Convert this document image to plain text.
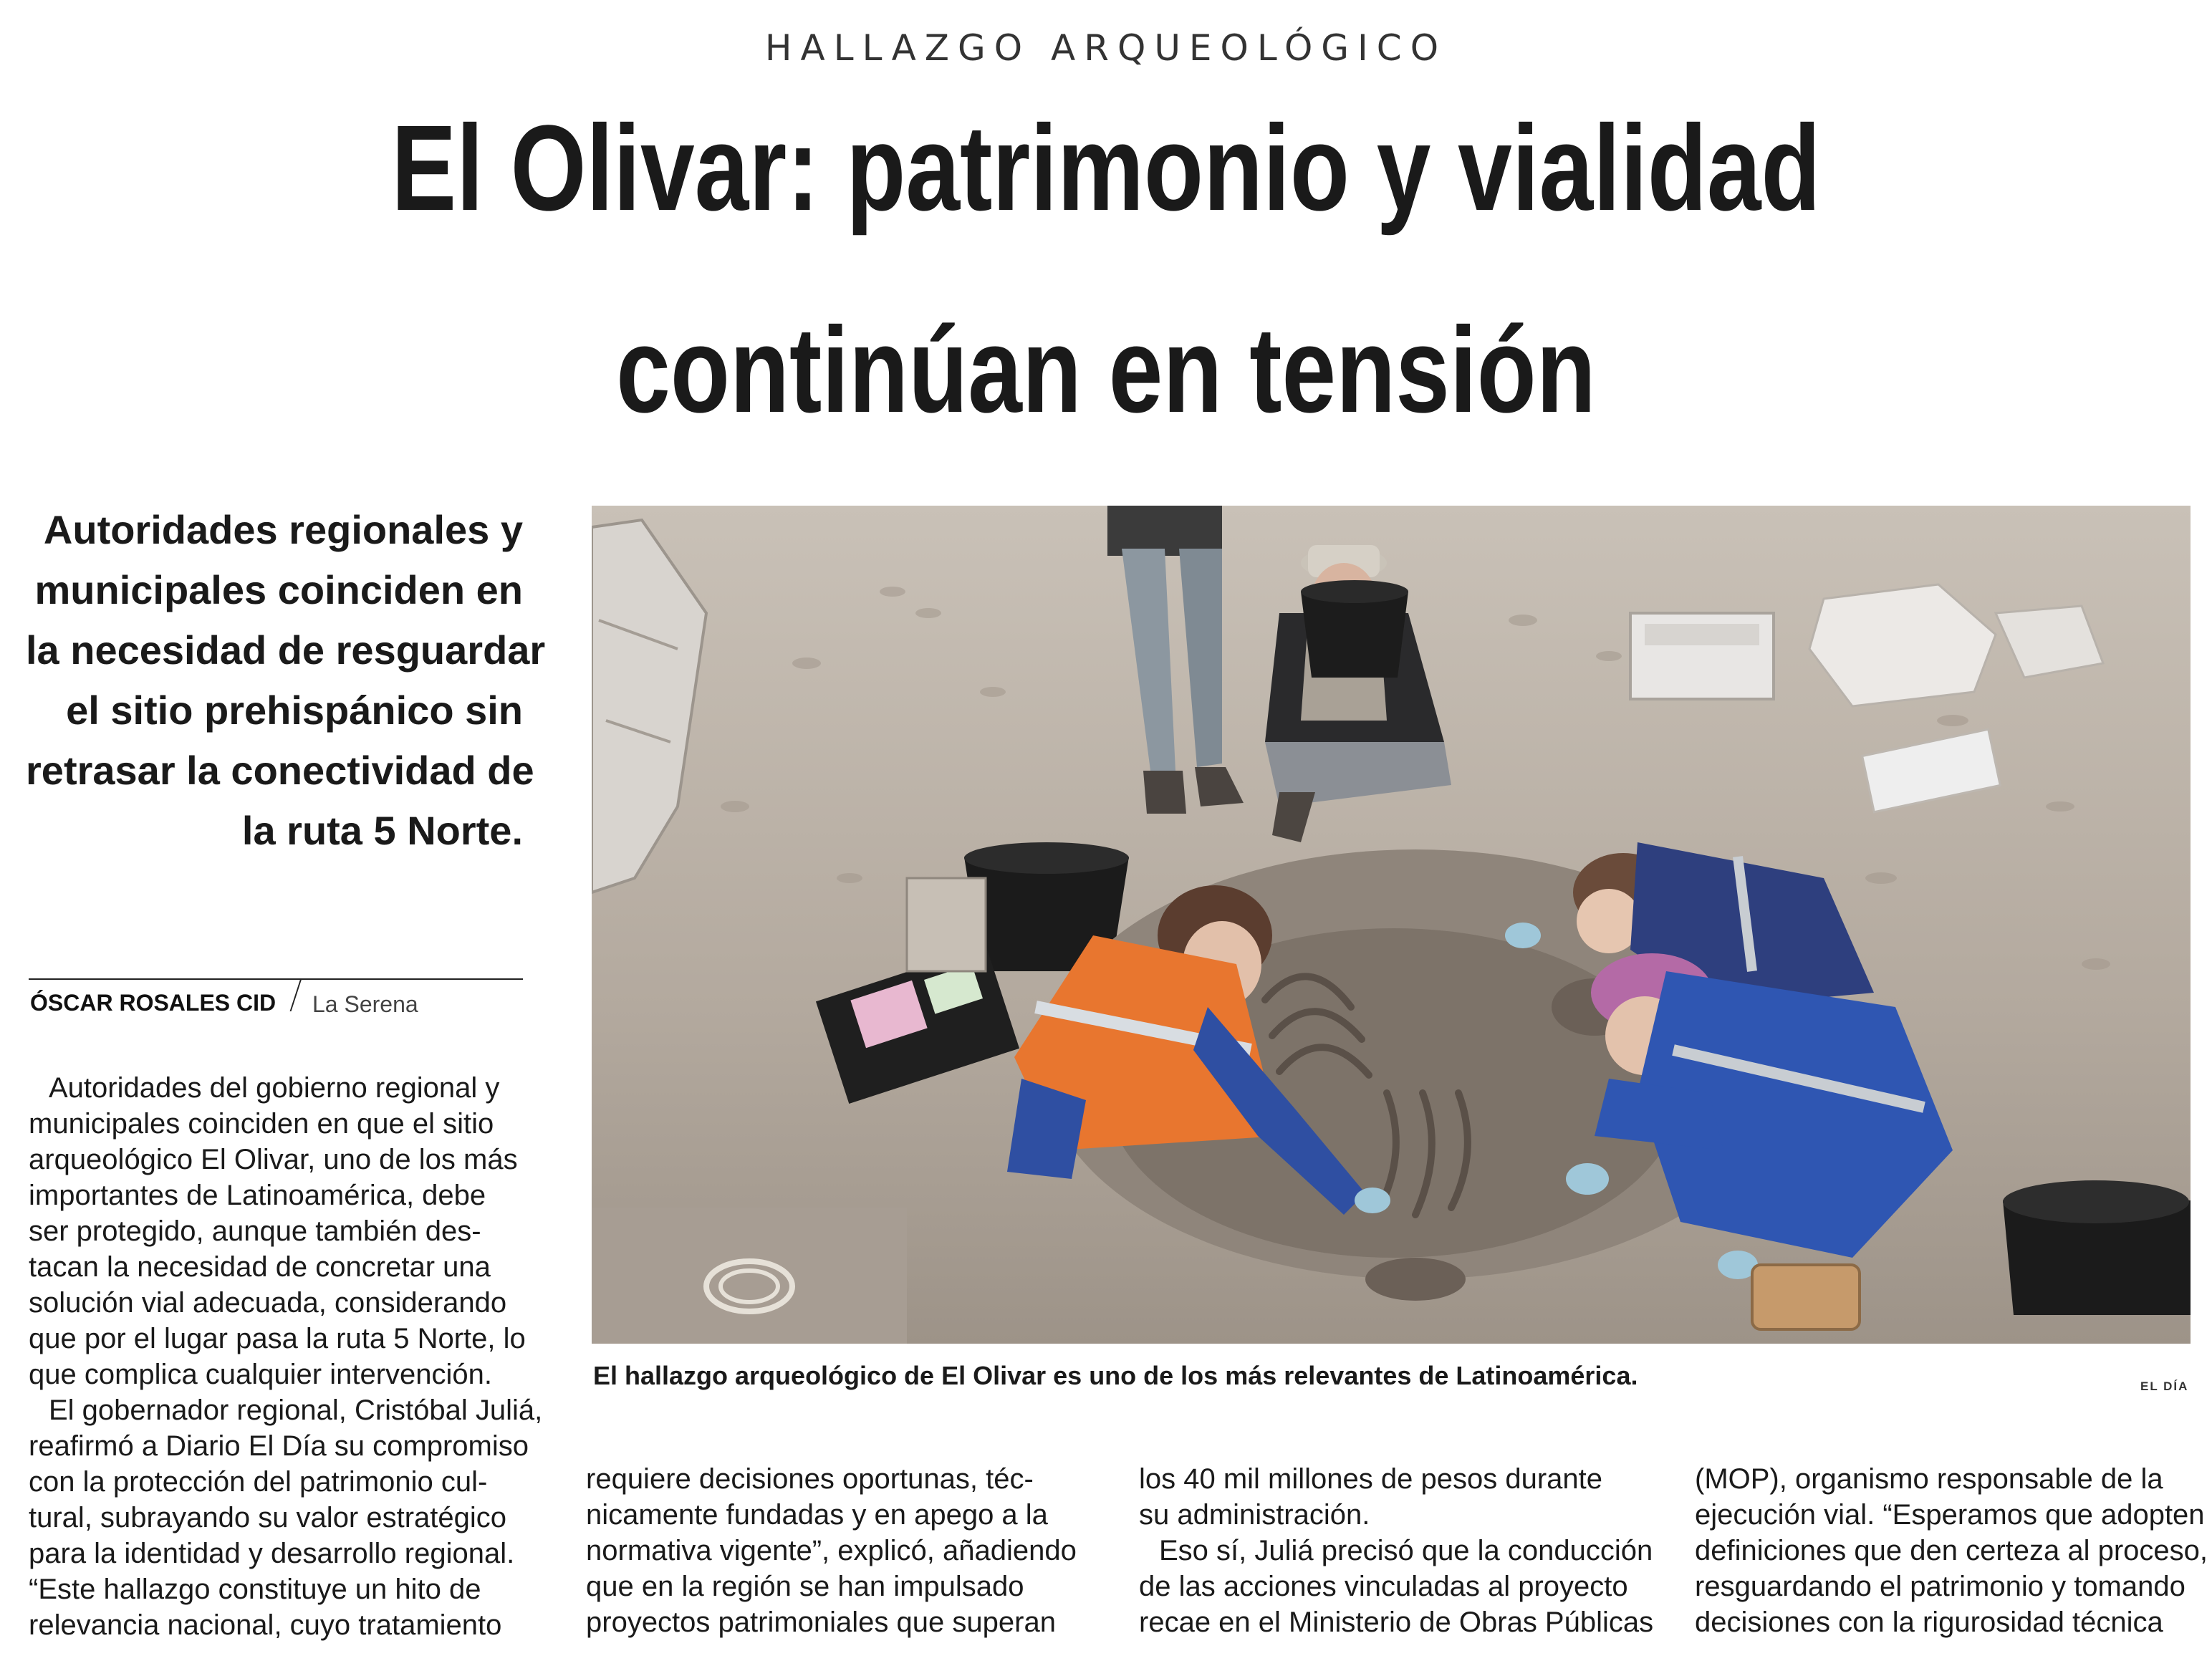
HALLAZGO ARQUEOLÓGICO
El Olivar: patrimonio y vialidad
continúan en tensión
Autoridades regionales y
municipales coinciden en
la necesidad de resguardar
el sitio prehispánico sin
retrasar la conectividad de
la ruta 5 Norte.
ÓSCAR ROSALES CID La Serena
Autoridades del gobierno regional y
municipales coinciden en que el sitio
arqueológico El Olivar, uno de los más
importantes de Latinoamérica, debe
ser protegido, aunque también des-
tacan la necesidad de concretar una
solución vial adecuada, considerando
que por el lugar pasa la ruta 5 Norte, lo
que complica cualquier intervención.
El gobernador regional, Cristóbal Juliá,
reafirmó a Diario El Día su compromiso
con la protección del patrimonio cul-
tural, subrayando su valor estratégico
para la identidad y desarrollo regional.
“Este hallazgo constituye un hito de
relevancia nacional, cuyo tratamiento
El hallazgo arqueológico de El Olivar es uno de los más relevantes de Latinoamérica.	EL DÍA
requiere decisiones oportunas, téc-
nicamente fundadas y en apego a la
normativa vigente”, explicó, añadiendo
que en la región se han impulsado
proyectos patrimoniales que superan
los 40 mil millones de pesos durante
su administración.
Eso sí, Juliá precisó que la conducción
de las acciones vinculadas al proyecto
recae en el Ministerio de Obras Públicas
(MOP), organismo responsable de la
ejecución vial. “Esperamos que adopten
definiciones que den certeza al proceso,
resguardando el patrimonio y tomando
decisiones con la rigurosidad técnica
